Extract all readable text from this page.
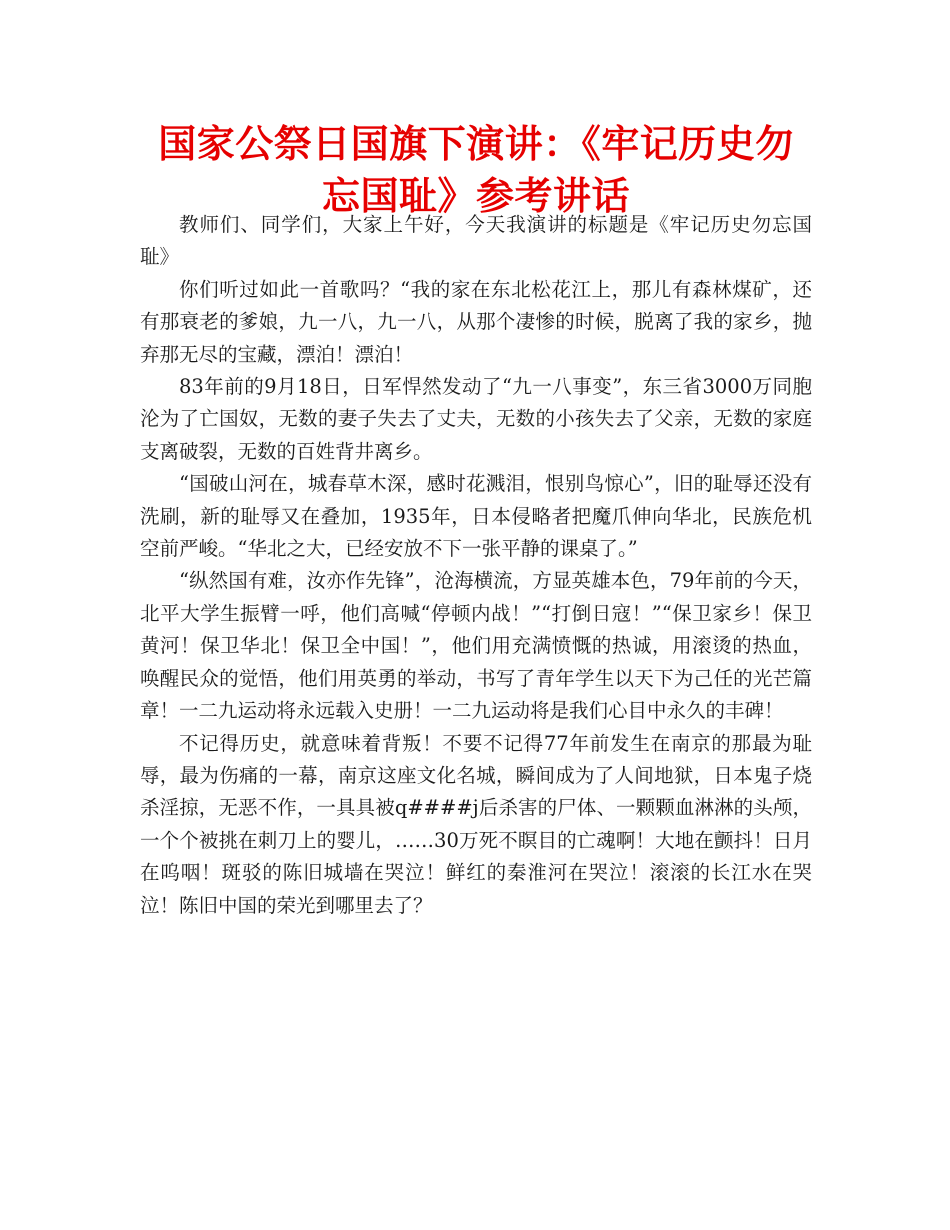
国家公祭日国旗下演讲：《牢记历史勿忘国耻》参考讲话

教师们、同学们，大家上午好，今天我演讲的标题是《牢记历史勿忘国耻》

你们听过如此一首歌吗？“我的家在东北松花江上，那儿有森林煤矿，还有那衰老的爹娘，九一八，九一八，从那个凄惨的时候，脱离了我的家乡，抛弃那无尽的宝藏，漂泊！漂泊！

83年前的9月18日，日军悍然发动了“九一八事变”，东三省3000万同胞沦为了亡国奴，无数的妻子失去了丈夫，无数的小孩失去了父亲，无数的家庭支离破裂，无数的百姓背井离乡。

“国破山河在，城春草木深，感时花溅泪，恨别鸟惊心”，旧的耻辱还没有洗刷，新的耻辱又在叠加，1935年，日本侵略者把魔爪伸向华北，民族危机空前严峻。“华北之大，已经安放不下一张平静的课桌了。”

“纵然国有难，汝亦作先锋”，沧海横流，方显英雄本色，79年前的今天，北平大学生振臂一呼，他们高喊“停顿内战！”“打倒日寇！”“保卫家乡！保卫黄河！保卫华北！保卫全中国！”，他们用充满愤慨的热诚，用滚烫的热血，唤醒民众的觉悟，他们用英勇的举动，书写了青年学生以天下为己任的光芒篇章！一二九运动将永远载入史册！一二九运动将是我们心目中永久的丰碑！

不记得历史，就意味着背叛！不要不记得77年前发生在南京的那最为耻辱，最为伤痛的一幕，南京这座文化名城，瞬间成为了人间地狱，日本鬼子烧杀淫掠，无恶不作，一具具被q####j后杀害的尸体、一颗颗血淋淋的头颅，一个个被挑在刺刀上的婴儿，……30万死不瞑目的亡魂啊！大地在颤抖！日月在呜咽！斑驳的陈旧城墙在哭泣！鲜红的秦淮河在哭泣！滚滚的长江水在哭泣！陈旧中国的荣光到哪里去了？
